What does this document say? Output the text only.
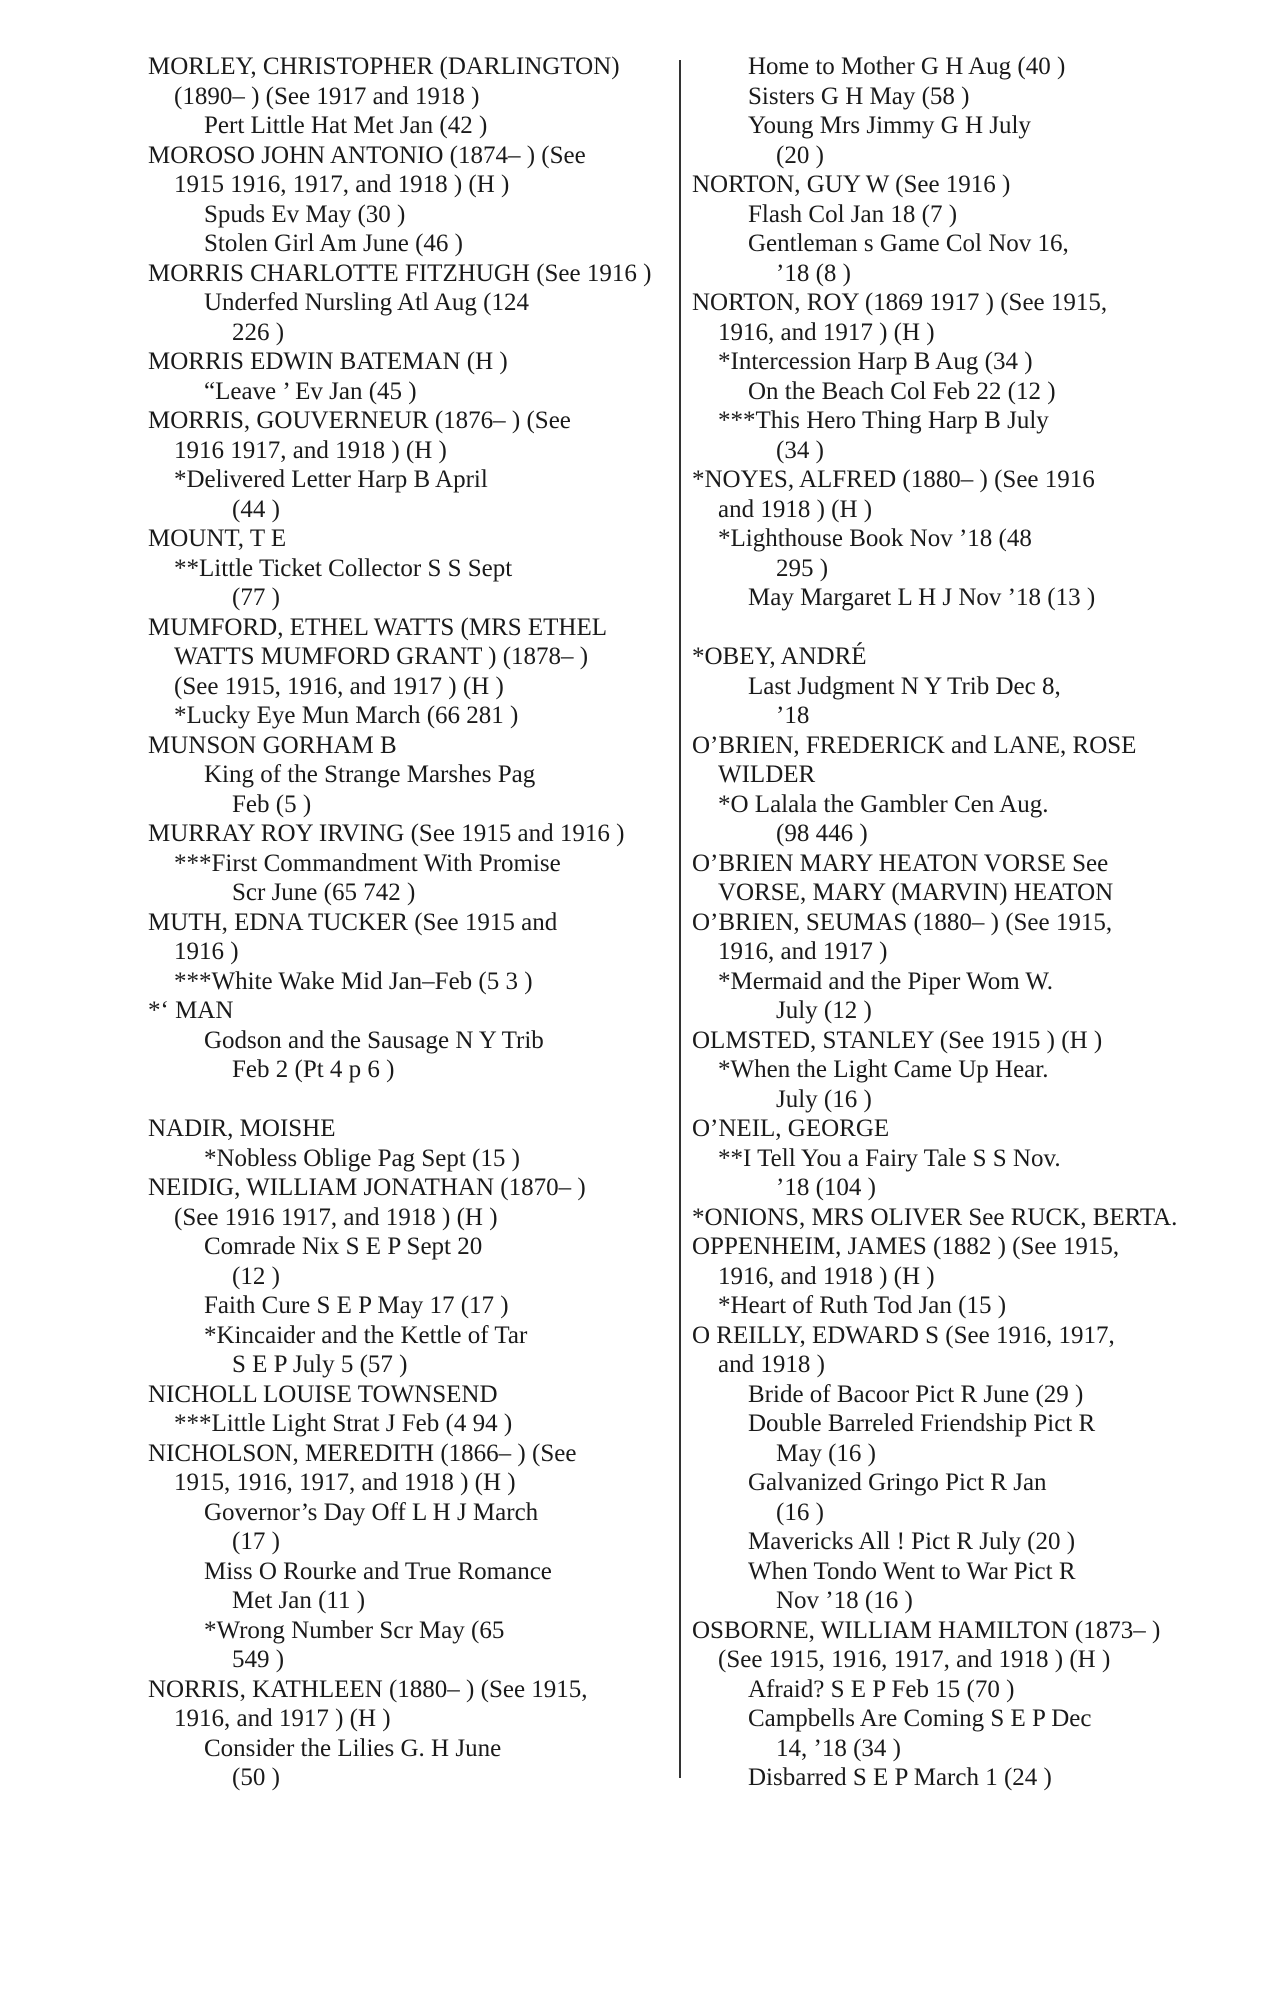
MORLEY, CHRISTOPHER (DARLINGTON)
(1890– ) (See 1917 and 1918 )
Pert Little Hat Met Jan (42 )
MOROSO JOHN ANTONIO (1874– ) (See
1915 1916, 1917, and 1918 ) (H )
Spuds Ev May (30 )
Stolen Girl Am June (46 )
MORRIS CHARLOTTE FITZHUGH (See 1916 )
Underfed Nursling Atl Aug (124
226 )
MORRIS EDWIN BATEMAN (H )
“Leave ’ Ev Jan (45 )
MORRIS, GOUVERNEUR (1876– ) (See
1916 1917, and 1918 ) (H )
*Delivered Letter Harp B April
(44 )
MOUNT, T E
**Little Ticket Collector S S Sept
(77 )
MUMFORD, ETHEL WATTS (MRS ETHEL
WATTS MUMFORD GRANT ) (1878– )
(See 1915, 1916, and 1917 ) (H )
*Lucky Eye Mun March (66 281 )
MUNSON GORHAM B
King of the Strange Marshes Pag
Feb (5 )
MURRAY ROY IRVING (See 1915 and 1916 )
***First Commandment With Promise
Scr June (65 742 )
MUTH, EDNA TUCKER (See 1915 and
1916 )
***White Wake Mid Jan–Feb (5 3 )
*‘ MAN
Godson and the Sausage N Y Trib
Feb 2 (Pt 4 p 6 )
NADIR, MOISHE
*Nobless Oblige Pag Sept (15 )
NEIDIG, WILLIAM JONATHAN (1870– )
(See 1916 1917, and 1918 ) (H )
Comrade Nix S E P Sept 20
(12 )
Faith Cure S E P May 17 (17 )
*Kincaider and the Kettle of Tar
S E P July 5 (57 )
NICHOLL LOUISE TOWNSEND
***Little Light Strat J Feb (4 94 )
NICHOLSON, MEREDITH (1866– ) (See
1915, 1916, 1917, and 1918 ) (H )
Governor’s Day Off L H J March
(17 )
Miss O Rourke and True Romance
Met Jan (11 )
*Wrong Number Scr May (65
549 )
NORRIS, KATHLEEN (1880– ) (See 1915,
1916, and 1917 ) (H )
Consider the Lilies G. H June
(50 )
Home to Mother G H Aug (40 )
Sisters G H May (58 )
Young Mrs Jimmy G H July
(20 )
NORTON, GUY W (See 1916 )
Flash Col Jan 18 (7 )
Gentleman s Game Col Nov 16,
’18 (8 )
NORTON, ROY (1869 1917 ) (See 1915,
1916, and 1917 ) (H )
*Intercession Harp B Aug (34 )
On the Beach Col Feb 22 (12 )
***This Hero Thing Harp B July
(34 )
*NOYES, ALFRED (1880– ) (See 1916
and 1918 ) (H )
*Lighthouse Book Nov ’18 (48
295 )
May Margaret L H J Nov ’18 (13 )
*OBEY, ANDRÉ
Last Judgment N Y Trib Dec 8,
’18
O’BRIEN, FREDERICK and LANE, ROSE
WILDER
*O Lalala the Gambler Cen Aug.
(98 446 )
O’BRIEN MARY HEATON VORSE See
VORSE, MARY (MARVIN) HEATON
O’BRIEN, SEUMAS (1880– ) (See 1915,
1916, and 1917 )
*Mermaid and the Piper Wom W.
July (12 )
OLMSTED, STANLEY (See 1915 ) (H )
*When the Light Came Up Hear.
July (16 )
O’NEIL, GEORGE
**I Tell You a Fairy Tale S S Nov.
’18 (104 )
*ONIONS, MRS OLIVER See RUCK, BERTA.
OPPENHEIM, JAMES (1882 ) (See 1915,
1916, and 1918 ) (H )
*Heart of Ruth Tod Jan (15 )
O REILLY, EDWARD S (See 1916, 1917,
and 1918 )
Bride of Bacoor Pict R June (29 )
Double Barreled Friendship Pict R
May (16 )
Galvanized Gringo Pict R Jan
(16 )
Mavericks All ! Pict R July (20 )
When Tondo Went to War Pict R
Nov ’18 (16 )
OSBORNE, WILLIAM HAMILTON (1873– )
(See 1915, 1916, 1917, and 1918 ) (H )
Afraid? S E P Feb 15 (70 )
Campbells Are Coming S E P Dec
14, ’18 (34 )
Disbarred S E P March 1 (24 )
